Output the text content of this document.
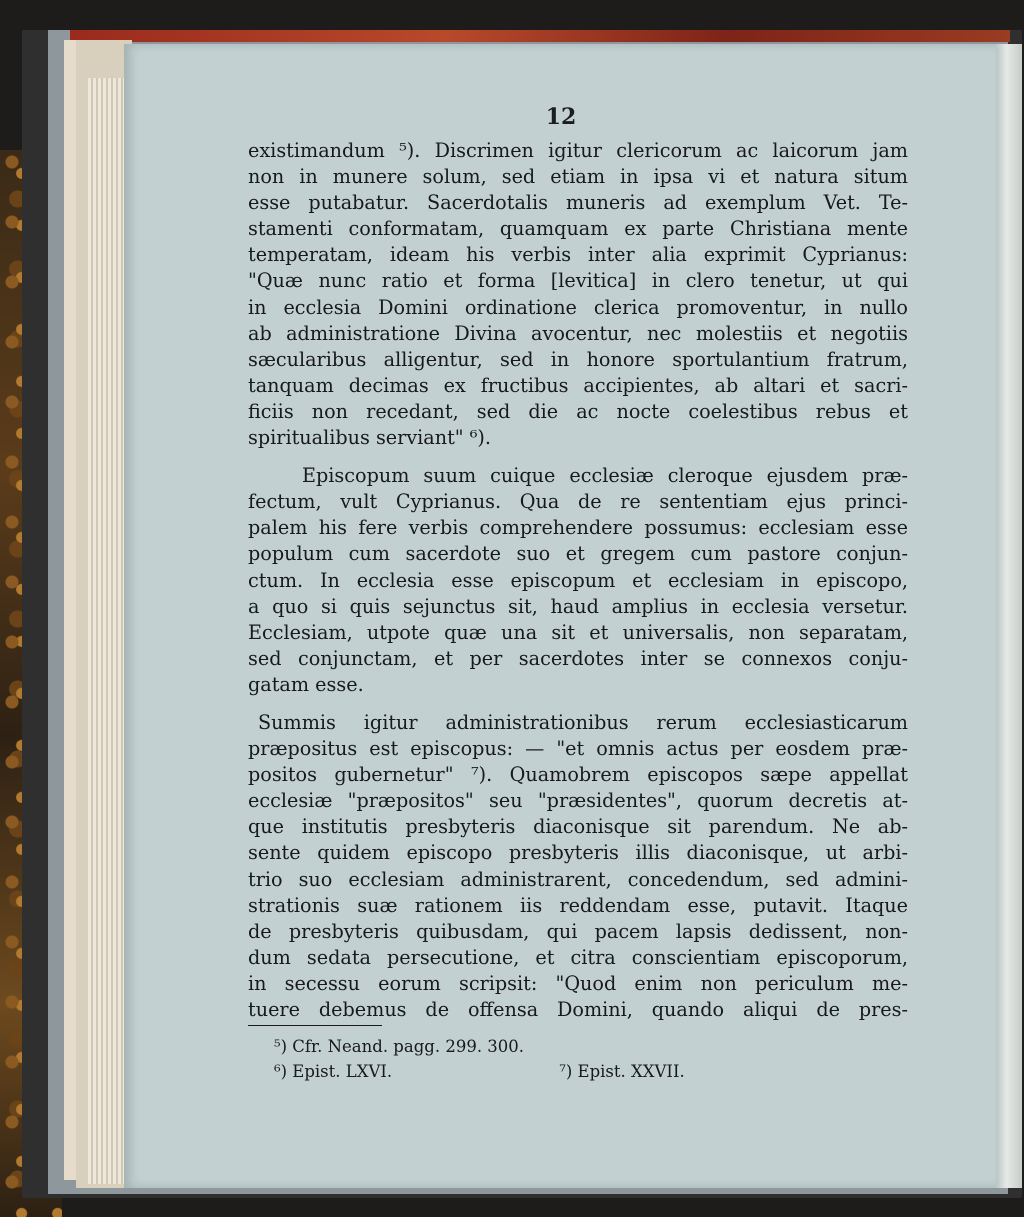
12
existimandum ⁵). Discrimen igitur clericorum ac laicorum jam
non in munere solum, sed etiam in ipsa vi et natura situm
esse putabatur. Sacerdotalis muneris ad exemplum Vet. Te-
stamenti conformatam, quamquam ex parte Christiana mente
temperatam, ideam his verbis inter alia exprimit Cyprianus:
"Quæ nunc ratio et forma [levitica] in clero tenetur, ut qui
in ecclesia Domini ordinatione clerica promoventur, in nullo
ab administratione Divina avocentur, nec molestiis et negotiis
sæcularibus alligentur, sed in honore sportulantium fratrum,
tanquam decimas ex fructibus accipientes, ab altari et sacri-
ficiis non recedant, sed die ac nocte coelestibus rebus et
spiritualibus serviant" ⁶).
Episcopum suum cuique ecclesiæ cleroque ejusdem præ-
fectum, vult Cyprianus. Qua de re sententiam ejus princi-
palem his fere verbis comprehendere possumus: ecclesiam esse
populum cum sacerdote suo et gregem cum pastore conjun-
ctum. In ecclesia esse episcopum et ecclesiam in episcopo,
a quo si quis sejunctus sit, haud amplius in ecclesia versetur.
Ecclesiam, utpote quæ una sit et universalis, non separatam,
sed conjunctam, et per sacerdotes inter se connexos conju-
gatam esse.
Summis igitur administrationibus rerum ecclesiasticarum
præpositus est episcopus: — "et omnis actus per eosdem præ-
positos gubernetur" ⁷). Quamobrem episcopos sæpe appellat
ecclesiæ "præpositos" seu "præsidentes", quorum decretis at-
que institutis presbyteris diaconisque sit parendum. Ne ab-
sente quidem episcopo presbyteris illis diaconisque, ut arbi-
trio suo ecclesiam administrarent, concedendum, sed admini-
strationis suæ rationem iis reddendam esse, putavit. Itaque
de presbyteris quibusdam, qui pacem lapsis dedissent, non-
dum sedata persecutione, et citra conscientiam episcoporum,
in secessu eorum scripsit: "Quod enim non periculum me-
tuere debemus de offensa Domini, quando aliqui de pres-
⁵) Cfr. Neand. pagg. 299. 300.
⁶) Epist. LXVI.	⁷) Epist. XXVII.
